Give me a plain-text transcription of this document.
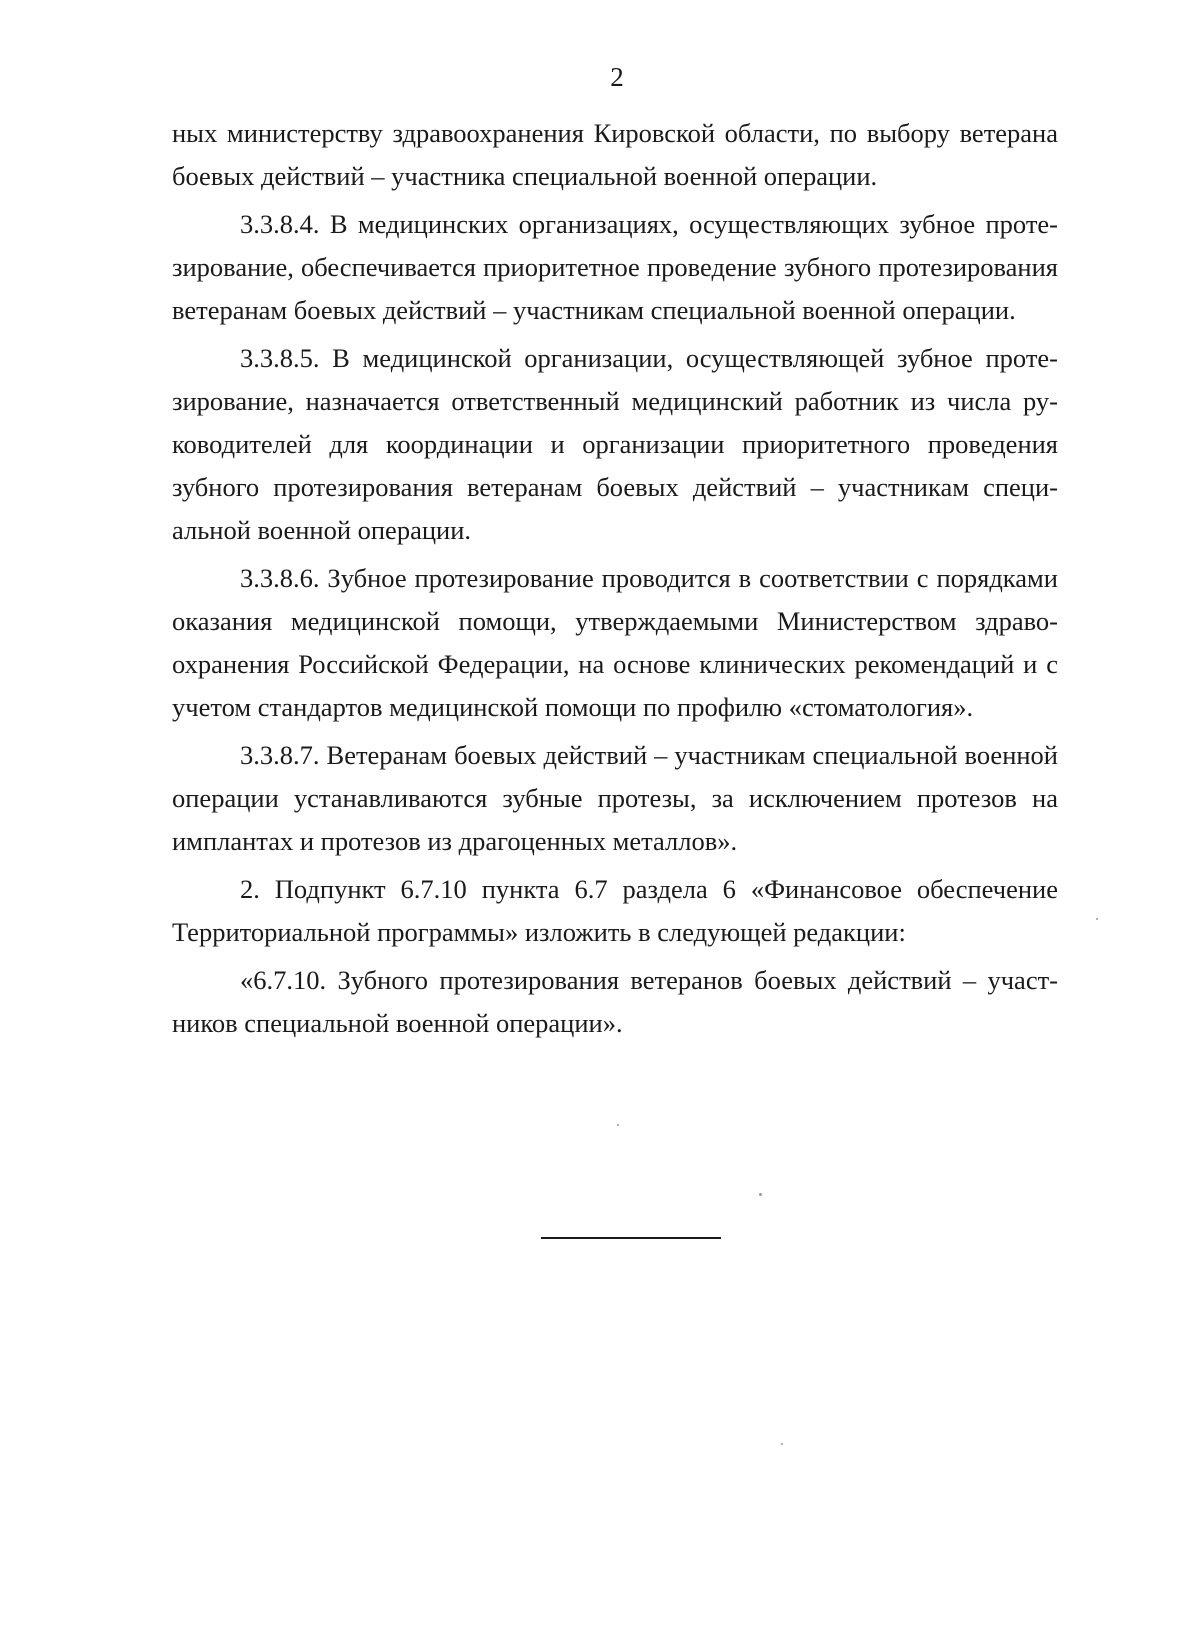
2

ных министерству здравоохранения Кировской области, по выбору ветерана боевых действий – участника специальной военной операции.

3.3.8.4. В медицинских организациях, осуществляющих зубное протезирование, обеспечивается приоритетное проведение зубного протезирования ветеранам боевых действий – участникам специальной военной операции.

3.3.8.5. В медицинской организации, осуществляющей зубное протезирование, назначается ответственный медицинский работник из числа руководителей для координации и организации приоритетного проведения зубного протезирования ветеранам боевых действий – участникам специальной военной операции.

3.3.8.6. Зубное протезирование проводится в соответствии с порядками оказания медицинской помощи, утверждаемыми Министерством здравоохранения Российской Федерации, на основе клинических рекомендаций и с учетом стандартов медицинской помощи по профилю «стоматология».

3.3.8.7. Ветеранам боевых действий – участникам специальной военной операции устанавливаются зубные протезы, за исключением протезов на имплантах и протезов из драгоценных металлов».

2. Подпункт 6.7.10 пункта 6.7 раздела 6 «Финансовое обеспечение Территориальной программы» изложить в следующей редакции:

«6.7.10. Зубного протезирования ветеранов боевых действий – участников специальной военной операции».
